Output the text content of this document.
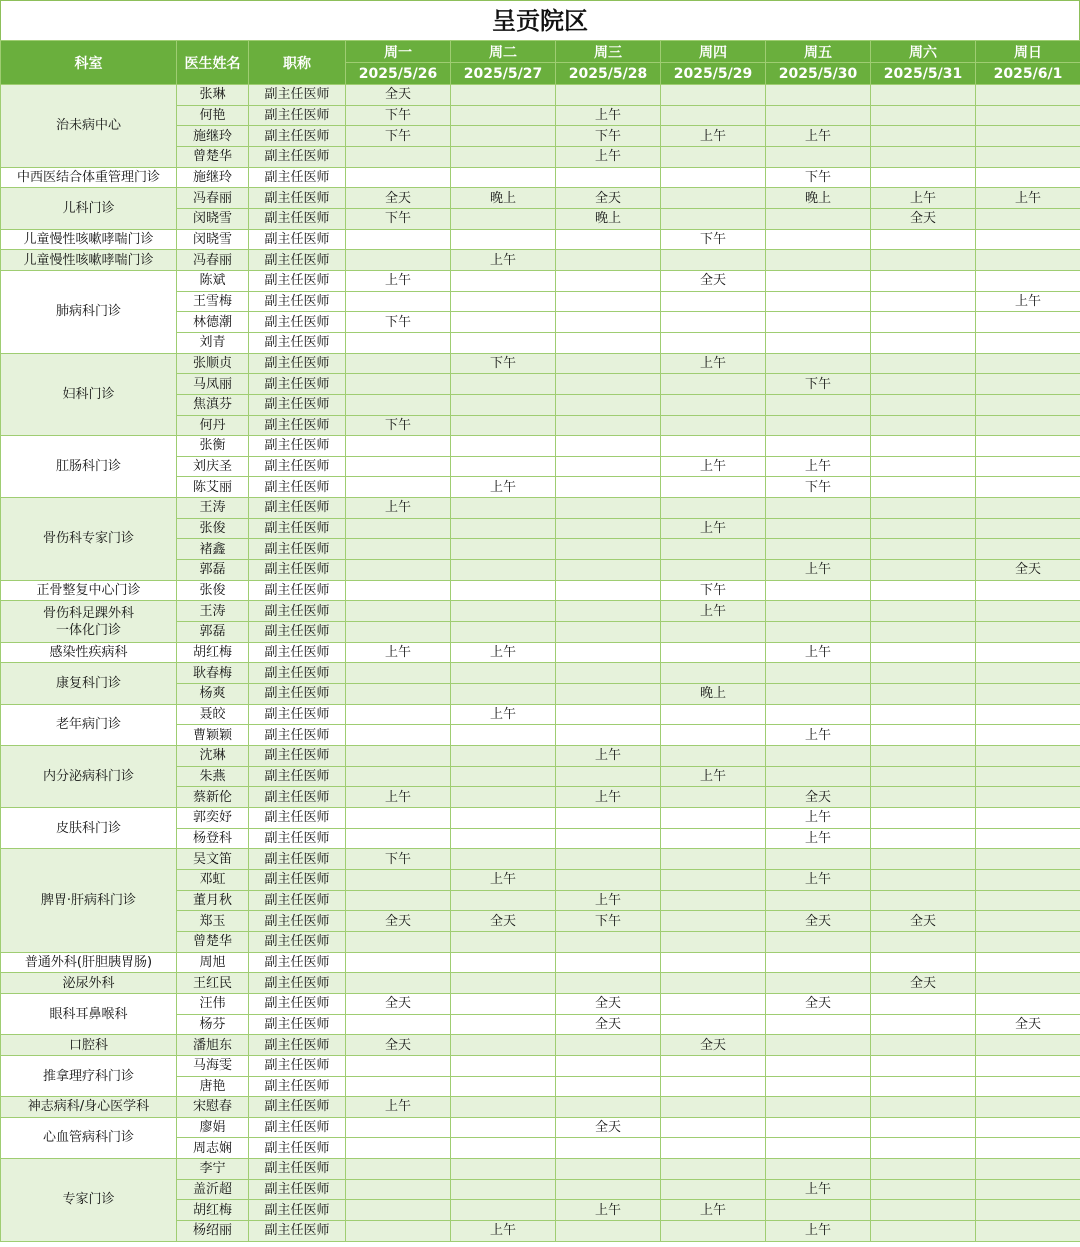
呈贡院区
科室	医生姓名	职称	周一	周二	周三	周四	周五	周六	周日
			2025/5/26	2025/5/27	2025/5/28	2025/5/29	2025/5/30	2025/5/31	2025/6/1
治未病中心	张琳	副主任医师	全天						
	何艳	副主任医师	下午		上午				
	施继玲	副主任医师	下午		下午	上午	上午		
	曾楚华	副主任医师			上午				
中西医结合体重管理门诊	施继玲	副主任医师					下午		
儿科门诊	冯春丽	副主任医师	全天	晚上	全天		晚上	上午	上午
	闵晓雪	副主任医师	下午		晚上			全天	
儿童慢性咳嗽哮喘门诊	闵晓雪	副主任医师				下午			
儿童慢性咳嗽哮喘门诊	冯春丽	副主任医师		上午					
肺病科门诊	陈斌	副主任医师	上午			全天			
	王雪梅	副主任医师							上午
	林德潮	副主任医师	下午						
	刘青	副主任医师							
妇科门诊	张顺贞	副主任医师		下午		上午			
	马凤丽	副主任医师					下午		
	焦滇芬	副主任医师							
	何丹	副主任医师	下午						
肛肠科门诊	张衡	副主任医师							
	刘庆圣	副主任医师				上午	上午		
	陈艾丽	副主任医师		上午			下午		
骨伤科专家门诊	王涛	副主任医师	上午						
	张俊	副主任医师				上午			
	褚鑫	副主任医师							
	郭磊	副主任医师					上午		全天
正骨整复中心门诊	张俊	副主任医师				下午			

骨伤科足踝外科
一体化门诊	王涛	副主任医师				上午			
	郭磊	副主任医师							
感染性疾病科	胡红梅	副主任医师	上午	上午			上午		
康复科门诊	耿春梅	副主任医师							
	杨爽	副主任医师				晚上			
老年病门诊	聂皎	副主任医师		上午					
	曹颖颖	副主任医师					上午		
内分泌病科门诊	沈琳	副主任医师			上午				
	朱燕	副主任医师				上午			
	蔡新伦	副主任医师	上午		上午		全天		
皮肤科门诊	郭奕妤	副主任医师					上午		
	杨登科	副主任医师					上午		
脾胃·肝病科门诊	吴文笛	副主任医师	下午						
	邓虹	副主任医师		上午			上午		
	董月秋	副主任医师			上午				
	郑玉	副主任医师	全天	全天	下午		全天	全天	
	曾楚华	副主任医师							
普通外科(肝胆胰胃肠)	周旭	副主任医师							
泌尿外科	王红民	副主任医师						全天	
眼科耳鼻喉科	汪伟	副主任医师	全天		全天		全天		
	杨芬	副主任医师			全天				全天
口腔科	潘旭东	副主任医师	全天			全天			
推拿理疗科门诊	马海雯	副主任医师							
	唐艳	副主任医师							
神志病科/身心医学科	宋慰春	副主任医师	上午						
心血管病科门诊	廖娟	副主任医师			全天				
	周志娴	副主任医师							
专家门诊	李宁	副主任医师							
	盖沂超	副主任医师					上午		
	胡红梅	副主任医师			上午	上午			
	杨绍丽	副主任医师		上午			上午		
